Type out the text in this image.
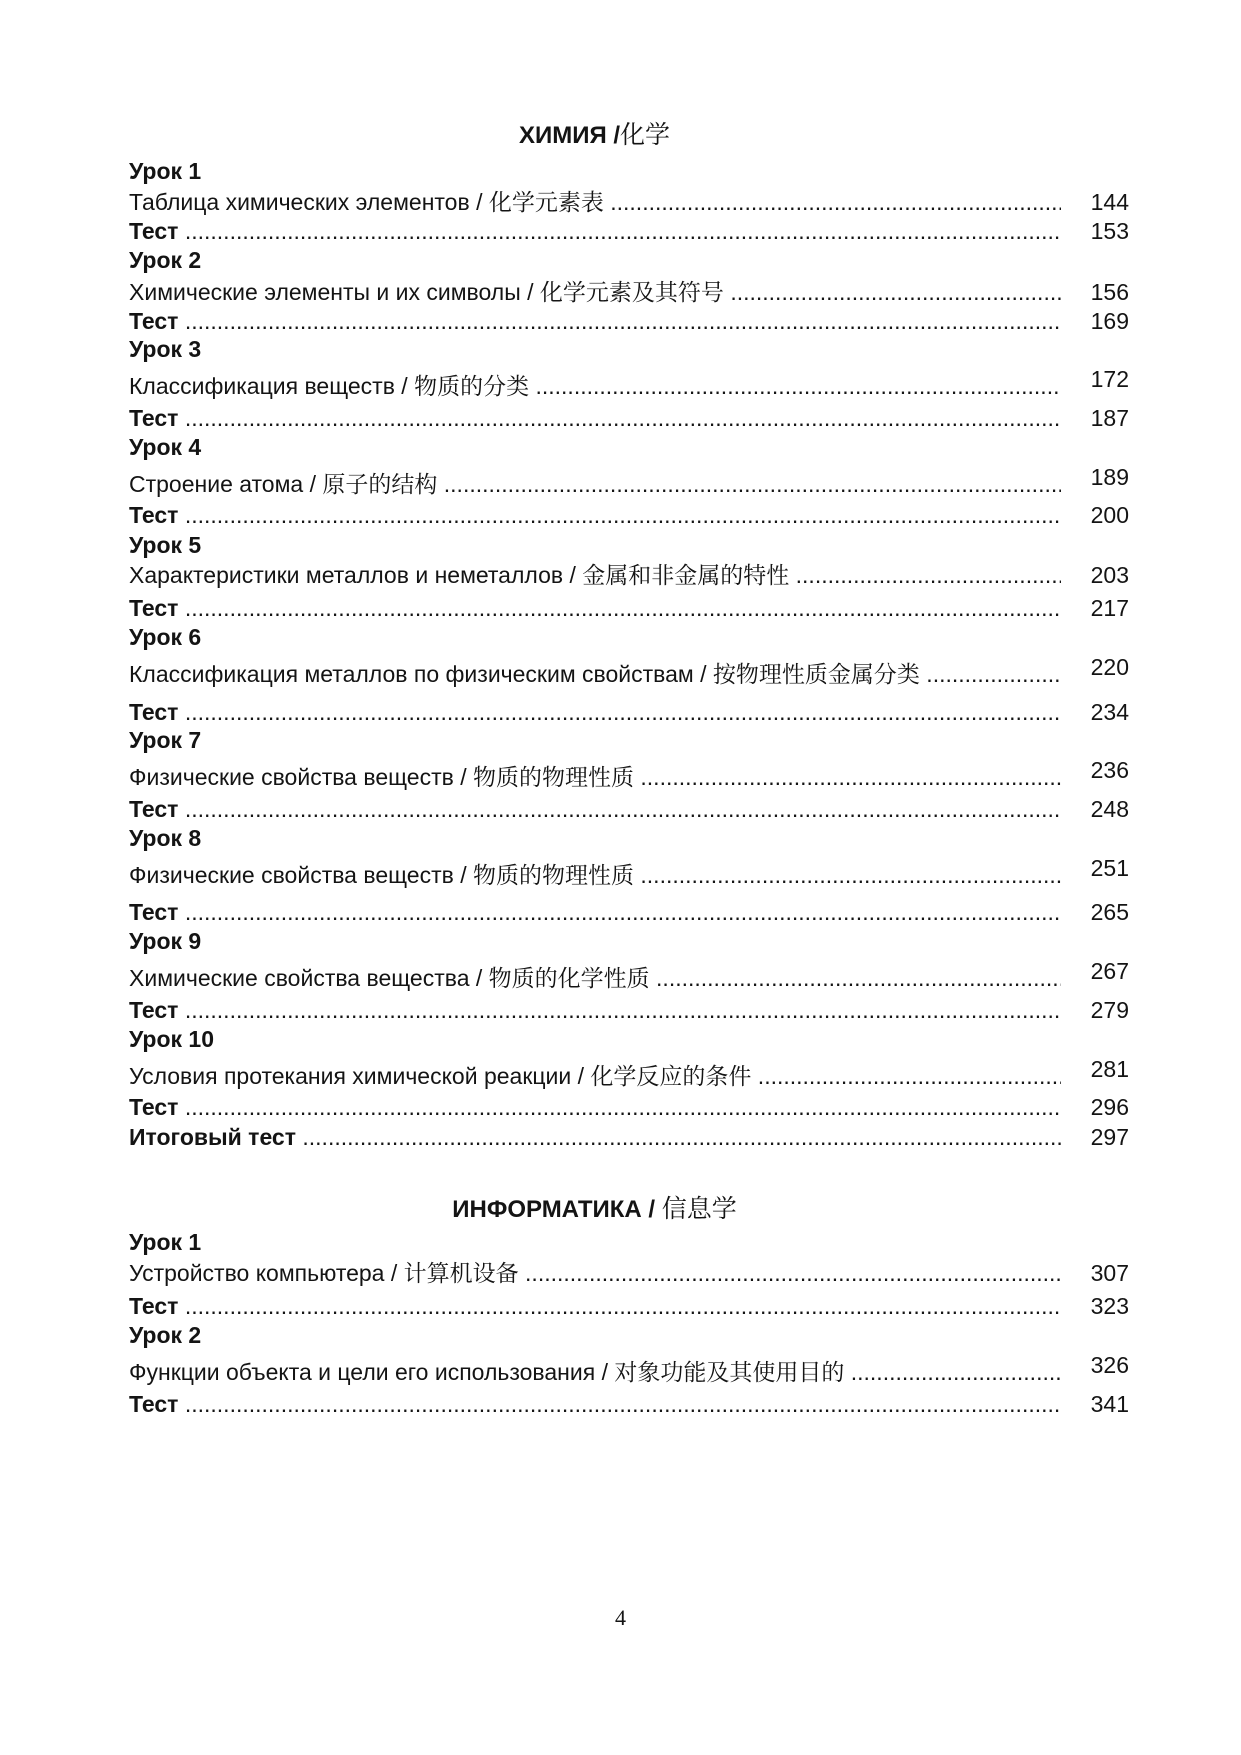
ХИМИЯ /化学
Урок 1
Таблица химических элементов / 化学元素表 .....	144
Тест .....	153
Урок 2
Химические элементы и их символы / 化学元素及其符号 .....	156
Тест .....	169
Урок 3
Классификация веществ / 物质的分类 .....	172
Тест .....	187
Урок 4
Строение атома / 原子的结构 .....	189
Тест .....	200
Урок 5
Характеристики металлов и неметаллов / 金属和非金属的特性 .....	203
Тест .....	217
Урок 6
Классификация металлов по физическим свойствам / 按物理性质金属分类 .....	220
Тест .....	234
Урок 7
Физические свойства веществ / 物质的物理性质 .....	236
Тест .....	248
Урок 8
Физические свойства веществ / 物质的物理性质 .....	251
Тест .....	265
Урок 9
Химические свойства вещества / 物质的化学性质 .....	267
Тест .....	279
Урок 10
Условия протекания химической реакции / 化学反应的条件 .....	281
Тест .....	296
Итоговый тест .....	297
ИНФОРМАТИКА / 信息学
Урок 1
Устройство компьютера / 计算机设备 .....	307
Тест .....	323
Урок 2
Функции объекта и цели его использования / 对象功能及其使用目的 .....	326
Тест .....	341
4
